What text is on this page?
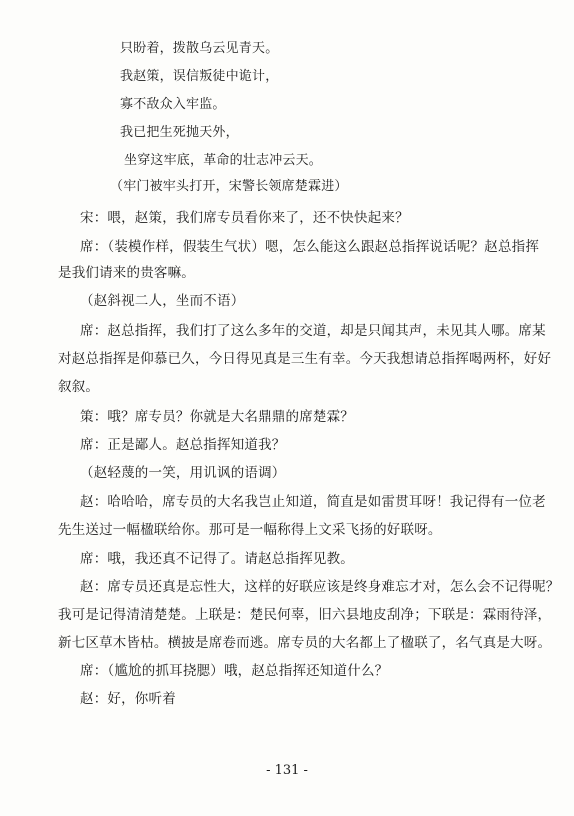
只盼着，拨散乌云见青天。
我赵策，误信叛徒中诡计，
寡不敌众入牢监。
我已把生死抛天外，
坐穿这牢底，革命的壮志冲云天。
（牢门被牢头打开，宋警长领席楚霖进）
宋：喂，赵策，我们席专员看你来了，还不快快起来？
席：（装模作样，假装生气状）嗯，怎么能这么跟赵总指挥说话呢？赵总指挥
是我们请来的贵客嘛。
（赵斜视二人，坐而不语）
席：赵总指挥，我们打了这么多年的交道，却是只闻其声，未见其人哪。席某
对赵总指挥是仰慕已久，今日得见真是三生有幸。今天我想请总指挥喝两杯，好好
叙叙。
策：哦？席专员？你就是大名鼎鼎的席楚霖？
席：正是鄙人。赵总指挥知道我？
（赵轻蔑的一笑，用讥讽的语调）
赵：哈哈哈，席专员的大名我岂止知道，简直是如雷贯耳呀！我记得有一位老
先生送过一幅楹联给你。那可是一幅称得上文采飞扬的好联呀。
席：哦，我还真不记得了。请赵总指挥见教。
赵：席专员还真是忘性大，这样的好联应该是终身难忘才对，怎么会不记得呢？
我可是记得清清楚楚。上联是：楚民何辜，旧六县地皮刮净；下联是：霖雨待泽，
新七区草木皆枯。横披是席卷而逃。席专员的大名都上了楹联了，名气真是大呀。
席：（尴尬的抓耳挠腮）哦，赵总指挥还知道什么？
赵：好，你听着
- 131 -
